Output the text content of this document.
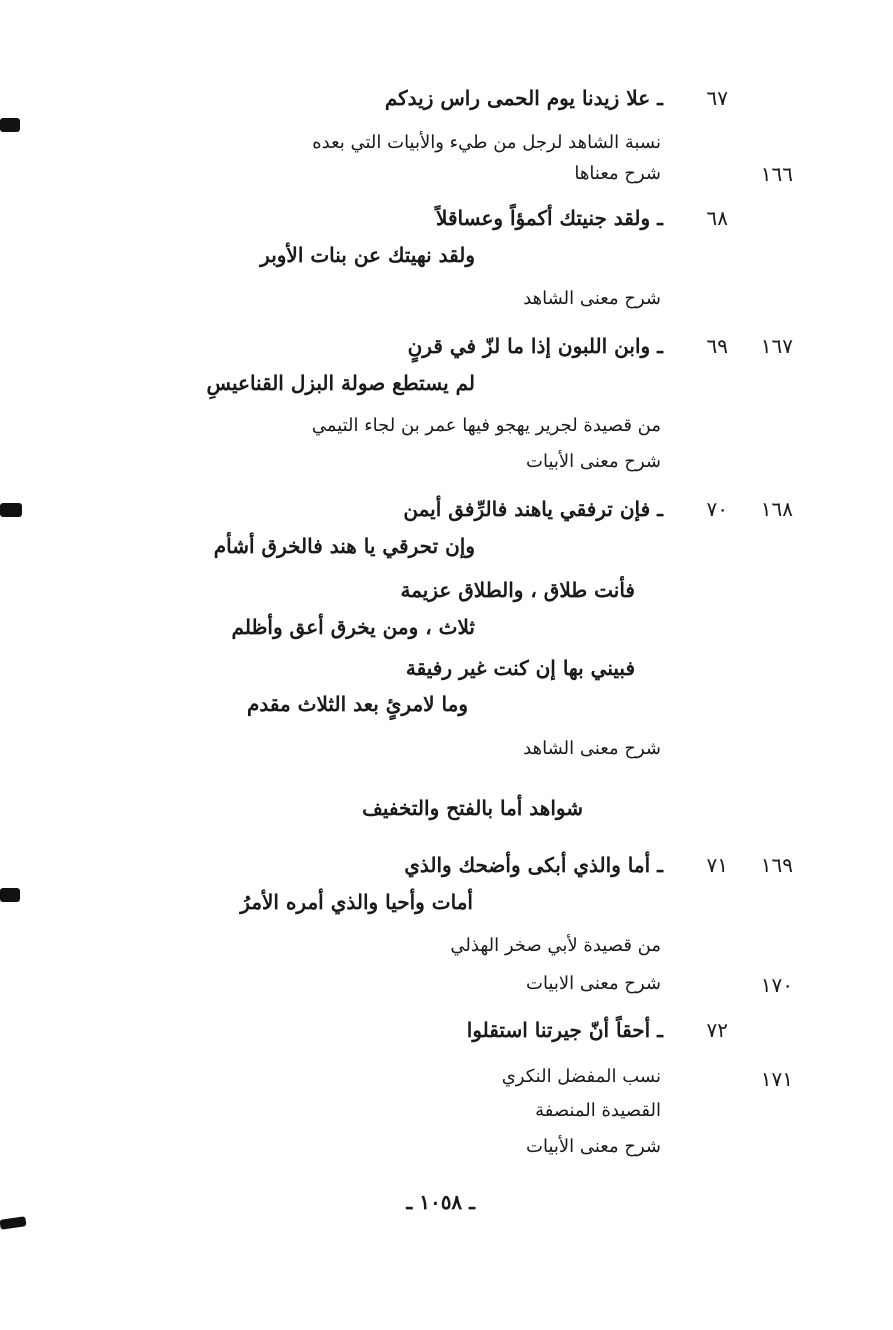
٦٧
ـ علا زيدنا يوم الحمى راس زيدكم
نسبة الشاهد لرجل من طيء والأبيات التي بعده
١٦٦
شرح معناها
٦٨
ـ ولقد جنيتك أكمؤاً وعساقلاً
ولقد نهيتك عن بنات الأوبر
شرح معنى الشاهد
١٦٧
٦٩
ـ وابن اللبون إذا ما لزّ في قرنٍ
لم يستطع صولة البزل القناعيسِ
من قصيدة لجرير يهجو فيها عمر بن لجاء التيمي
شرح معنى الأبيات
١٦٨
٧٠
ـ فإن ترفقي ياهند فالرِّفق أيمن
وإن تحرقي يا هند فالخرق أشأم
فأنت طلاق ، والطلاق عزيمة
ثلاث ، ومن يخرق أعق وأظلم
فبيني بها إن كنت غير رفيقة
وما لامرئٍ بعد الثلاث مقدم
شرح معنى الشاهد
شواهد أما بالفتح والتخفيف
١٦٩
٧١
ـ أما والذي أبكى وأضحك والذي
أمات وأحيا والذي أمره الأمرُ
من قصيدة لأبي صخر الهذلي
١٧٠
شرح معنى الابيات
٧٢
ـ أحقاً أنّ جيرتنا استقلوا
١٧١
نسب المفضل النكري
القصيدة المنصفة
شرح معنى الأبيات
ـ ١٠٥٨ ـ
